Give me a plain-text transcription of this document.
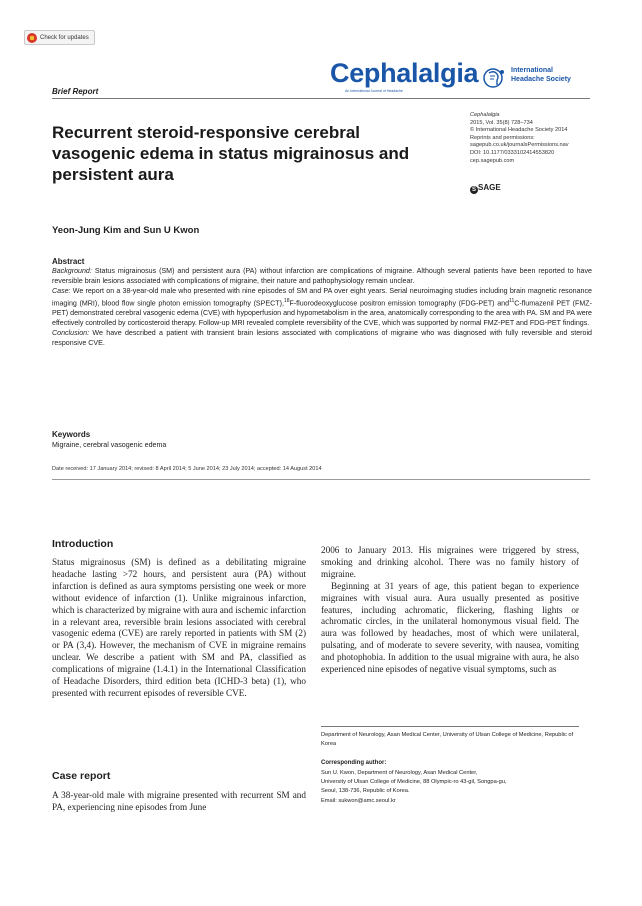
Check for updates
Brief Report
Cephalalgia
An International Journal of Headache
International
Headache Society
Recurrent steroid-responsive cerebral vasogenic edema in status migrainosus and persistent aura
Cephalalgia
2015, Vol. 35(8) 728–734
© International Headache Society 2014
Reprints and permissions:
sagepub.co.uk/journalsPermissions.nav
DOI: 10.1177/0333102414553820
cep.sagepub.com
S SAGE
Yeon-Jung Kim and Sun U Kwon
Abstract

Background: Status migrainosus (SM) and persistent aura (PA) without infarction are complications of migraine. Although several patients have been reported to have reversible brain lesions associated with complications of migraine, their nature and pathophysiology remain unclear.

Case: We report on a 38-year-old male who presented with nine episodes of SM and PA over eight years. Serial neuroimaging studies including brain magnetic resonance imaging (MRI), blood flow single photon emission tomography (SPECT),$^{18}$F-fluorodeoxyglucose positron emission tomography (FDG-PET) and$^{11}$C-flumazenil PET (FMZ-PET) demonstrated cerebral vasogenic edema (CVE) with hypoperfusion and hypometabolism in the area, anatomically corresponding to the area with PA. SM and PA were effectively controlled by corticosteroid therapy. Follow-up MRI revealed complete reversibility of the CVE, which was supported by normal FMZ-PET and FDG-PET findings.

Conclusion: We have described a patient with transient brain lesions associated with complications of migraine who was diagnosed with fully reversible and steroid responsive CVE.

Keywords
Migraine, cerebral vasogenic edema
Date received: 17 January 2014; revised: 8 April 2014; 5 June 2014; 23 July 2014; accepted: 14 August 2014
Introduction

Status migrainosus (SM) is defined as a debilitating migraine headache lasting >72 hours, and persistent aura (PA) without infarction is defined as aura symptoms persisting one week or more without evidence of infarction (1). Unlike migrainous infarction, which is characterized by migraine with aura and ischemic infarction in a relevant area, reversible brain lesions associated with cerebral vasogenic edema (CVE) are rarely reported in patients with SM (2) or PA (3,4). However, the mechanism of CVE in migraine remains unclear. We describe a patient with SM and PA, classified as complications of migraine (1.4.1) in the International Classification of Headache Disorders, third edition beta (ICHD-3 beta) (1), who presented with recurrent episodes of reversible CVE.

Case report

A 38-year-old male with migraine presented with recurrent SM and PA, experiencing nine episodes from June

2006 to January 2013. His migraines were triggered by stress, smoking and drinking alcohol. There was no family history of migraine.

Beginning at 31 years of age, this patient began to experience migraines with visual aura. Aura usually presented as positive features, including achromatic, flickering, flashing lights or achromatic circles, in the unilateral homonymous visual field. The aura was followed by headaches, most of which were unilateral, pulsating, and of moderate to severe severity, with nausea, vomiting and photophobia. In addition to the usual migraine with aura, he also experienced nine episodes of negative visual symptoms, such as

Department of Neurology, Asan Medical Center, University of Ulsan College of Medicine, Republic of Korea
Corresponding author:
Sun U. Kwon, Department of Neurology, Asan Medical Center,
University of Ulsan College of Medicine, 88 Olympic-ro 43-gil, Songpa-gu,
Seoul, 138-736, Republic of Korea.
Email: sukwon@amc.seoul.kr
